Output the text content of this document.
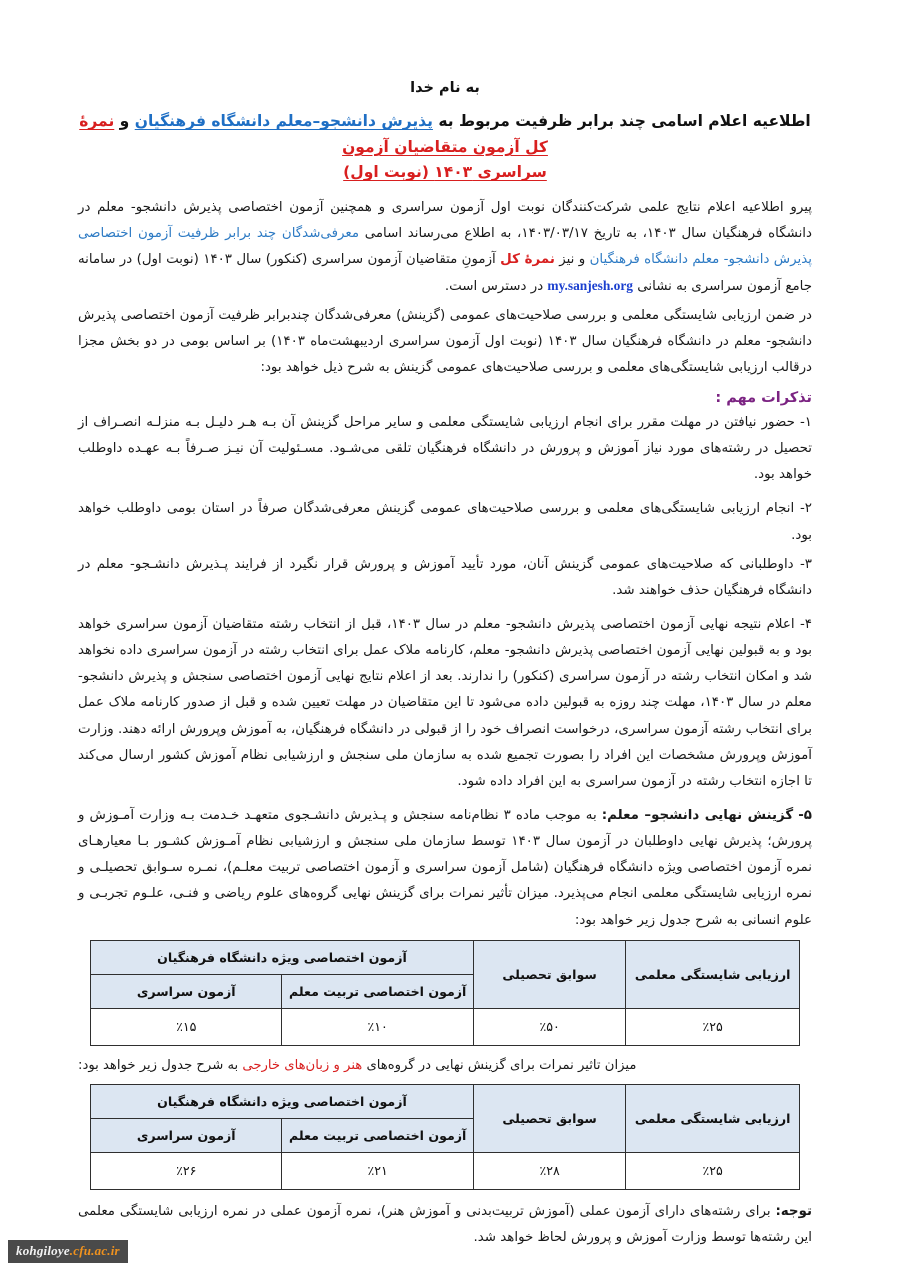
به نام خدا
اطلاعیه اعلام اسامی چند برابر ظرفیت مربوط به پذیرش دانشجو–معلم دانشگاه فرهنگیان و نمرهٔ کل آزمون متقاضیان آزمون
سراسری ۱۴۰۳ (نوبت اول)

پیرو اطلاعیه اعلام نتایج علمی شرکت‌کنندگان نوبت اول آزمون سراسری و همچنین آزمون اختصاصی پذیرش دانشجو- معلم در دانشگاه فرهنگیان سال ۱۴۰۳، به تاریخ ۱۴۰۳/۰۳/۱۷، به اطلاع می‌رساند اسامی معرفی‌شدگان چند برابر ظرفیت آزمون اختصاصی پذیرش دانشجو- معلم دانشگاه فرهنگیان و نیز نمرهٔ کل آزمونِ متقاضیان آزمون سراسری (کنکور) سال ۱۴۰۳ (نوبت اول) در سامانه جامع آزمون سراسری به نشانی my.sanjesh.org در دسترس است.

در ضمن ارزیابی شایستگی معلمی و بررسی صلاحیت‌های عمومی (گزینش) معرفی‌شدگان چندبرابر ظرفیت آزمون اختصاصی پذیرش دانشجو- معلم در دانشگاه فرهنگیان سال ۱۴۰۳ (نوبت اول آزمون سراسری اردیبهشت‌ماه ۱۴۰۳) بر اساس بومی در دو بخش مجزا درقالب ارزیابی شایستگی‌های معلمی و بررسی صلاحیت‌های عمومی گزینش به شرح ذیل خواهد بود:

تذکرات مهم :

۱- حضور نیافتن در مهلت مقرر برای انجام ارزیابی شایستگی معلمی و سایر مراحل گزینش آن بـه هـر دلیـل بـه منزلـه انصـراف از تحصیل در رشته‌های مورد نیاز آموزش و پرورش در دانشگاه فرهنگیان تلقی می‌شـود. مسـئولیت آن نیـز صـرفاً بـه عهـده داوطلب خواهد بود.

۲- انجام ارزیابی شایستگی‌های معلمی و بررسی صلاحیت‌های عمومی گزینش معرفی‌شدگان صرفاً در استان بومی داوطلب خواهد بود.

۳- داوطلبانی که صلاحیت‌های عمومی گزینش آنان، مورد تأیید آموزش و پرورش قرار نگیرد از فرایند پـذیرش دانشـجو- معلم در دانشگاه فرهنگیان حذف خواهند شد.

۴- اعلام نتیجه نهایی آزمون اختصاصی پذیرش دانشجو- معلم در سال ۱۴۰۳، قبل از انتخاب رشته متقاضیان آزمون سراسری خواهد بود و به قبولین نهایی آزمون اختصاصی پذیرش دانشجو- معلم، کارنامه ملاک عمل برای انتخاب رشته در آزمون سراسری داده نخواهد شد و امکان انتخاب رشته در آزمون سراسری (کنکور) را ندارند. بعد از اعلام نتایج نهایی آزمون اختصاصی سنجش و پذیرش دانشجو- معلم در سال ۱۴۰۳، مهلت چند روزه به قبولین داده می‌شود تا این متقاضیان در مهلت تعیین شده و قبل از صدور کارنامه ملاک عمل برای انتخاب رشته آزمون سراسری، درخواست انصراف خود را از قبولی در دانشگاه فرهنگیان، به آموزش وپرورش ارائه دهند. وزارت آموزش وپرورش مشخصات این افراد را بصورت تجمیع شده به سازمان ملی سنجش و ارزشیابی نظام آموزش کشور ارسال می‌کند تا اجازه انتخاب رشته در آزمون سراسری به این افراد داده شود.

۵- گزینش نهایی دانشجو– معلم: به موجب ماده ٣ نظام‌نامه سنجش و پـذیرش دانشـجوی متعهـد خـدمت بـه وزارت آمـوزش و پرورش؛ پذیرش نهایی داوطلبان در آزمون سال ۱۴۰۳ توسط سازمان ملی سنجش و ارزشیابی نظام آمـوزش کشـور بـا معیارهـای نمره آزمون اختصاصی ویژه دانشگاه فرهنگیان (شامل آزمون سراسری و آزمون اختصاصی تربیت معلـم)، نمـره سـوابق تحصیلـی و نمره ارزیابی شایستگی معلمی انجام می‌پذیرد. میزان تأثیر نمرات برای گزینش نهایی گروه‌های علوم ریاضی و فنـی، علـوم تجربـی و علوم انسانی به شرح جدول زیر خواهد بود:

ارزیابی شایستگی معلمی	سوابق تحصیلی	آزمون اختصاصی ویژه دانشگاه فرهنگیان	
		آزمون اختصاصی تربیت معلم	آزمون سراسری
٪۲۵	٪۵۰	٪۱۰	٪۱۵

میزان تاثیر نمرات برای گزینش نهایی در گروه‌های هنر و زبان‌های خارجی به شرح جدول زیر خواهد بود:

ارزیابی شایستگی معلمی	سوابق تحصیلی	آزمون اختصاصی ویژه دانشگاه فرهنگیان	
		آزمون اختصاصی تربیت معلم	آزمون سراسری
٪۲۵	٪۲۸	٪۲۱	٪۲۶

توجه: برای رشته‌های دارای آزمون عملی (آموزش تربیت‌بدنی و آموزش هنر)، نمره آزمون عملی در نمره ارزیابی شایستگی معلمی این رشته‌ها توسط وزارت آموزش و پرورش لحاظ خواهد شد.

kohgiloye.cfu.ac.ir
